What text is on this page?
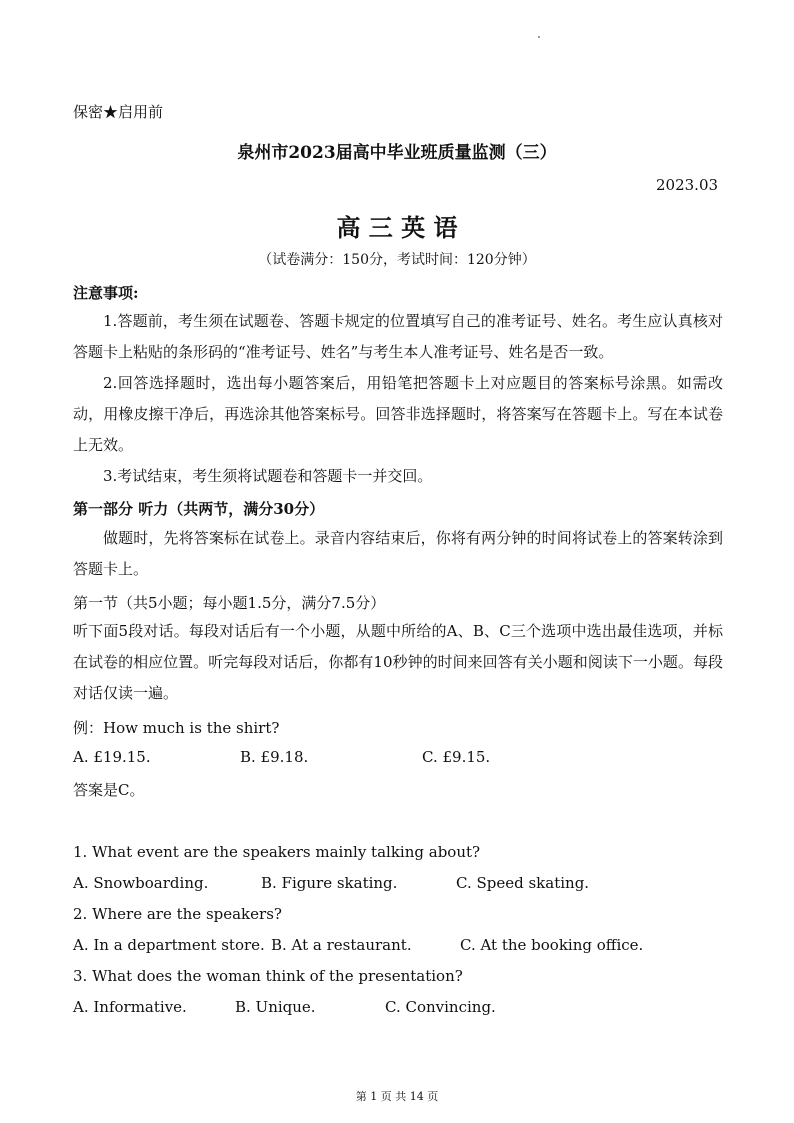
保密★启用前
泉州市2023届高中毕业班质量监测（三）
2023.03
高 三 英 语
（试卷满分：150分，考试时间：120分钟）
注意事项:
1.答题前，考生须在试题卷、答题卡规定的位置填写自己的准考证号、姓名。考生应认真核对答题卡上粘贴的条形码的“准考证号、姓名”与考生本人准考证号、姓名是否一致。
2.回答选择题时，选出每小题答案后，用铅笔把答题卡上对应题目的答案标号涂黑。如需改动，用橡皮擦干净后，再选涂其他答案标号。回答非选择题时，将答案写在答题卡上。写在本试卷上无效。
3.考试结束，考生须将试题卷和答题卡一并交回。
第一部分 听力（共两节，满分30分）
做题时，先将答案标在试卷上。录音内容结束后，你将有两分钟的时间将试卷上的答案转涂到答题卡上。
第一节（共5小题；每小题1.5分，满分7.5分）
听下面5段对话。每段对话后有一个小题，从题中所给的A、B、C三个选项中选出最佳选项，并标在试卷的相应位置。听完每段对话后，你都有10秒钟的时间来回答有关小题和阅读下一小题。每段对话仅读一遍。
例：How much is the shirt?
A. £19.15.	B. £9.18.	C. £9.15.
答案是C。
1. What event are the speakers mainly talking about?
A. Snowboarding.	B. Figure skating.	C. Speed skating.
2. Where are the speakers?
A. In a department store. B. At a restaurant.	C. At the booking office.
3. What does the woman think of the presentation?
A. Informative.	B. Unique.	C. Convincing.
第 1 页 共 14 页
